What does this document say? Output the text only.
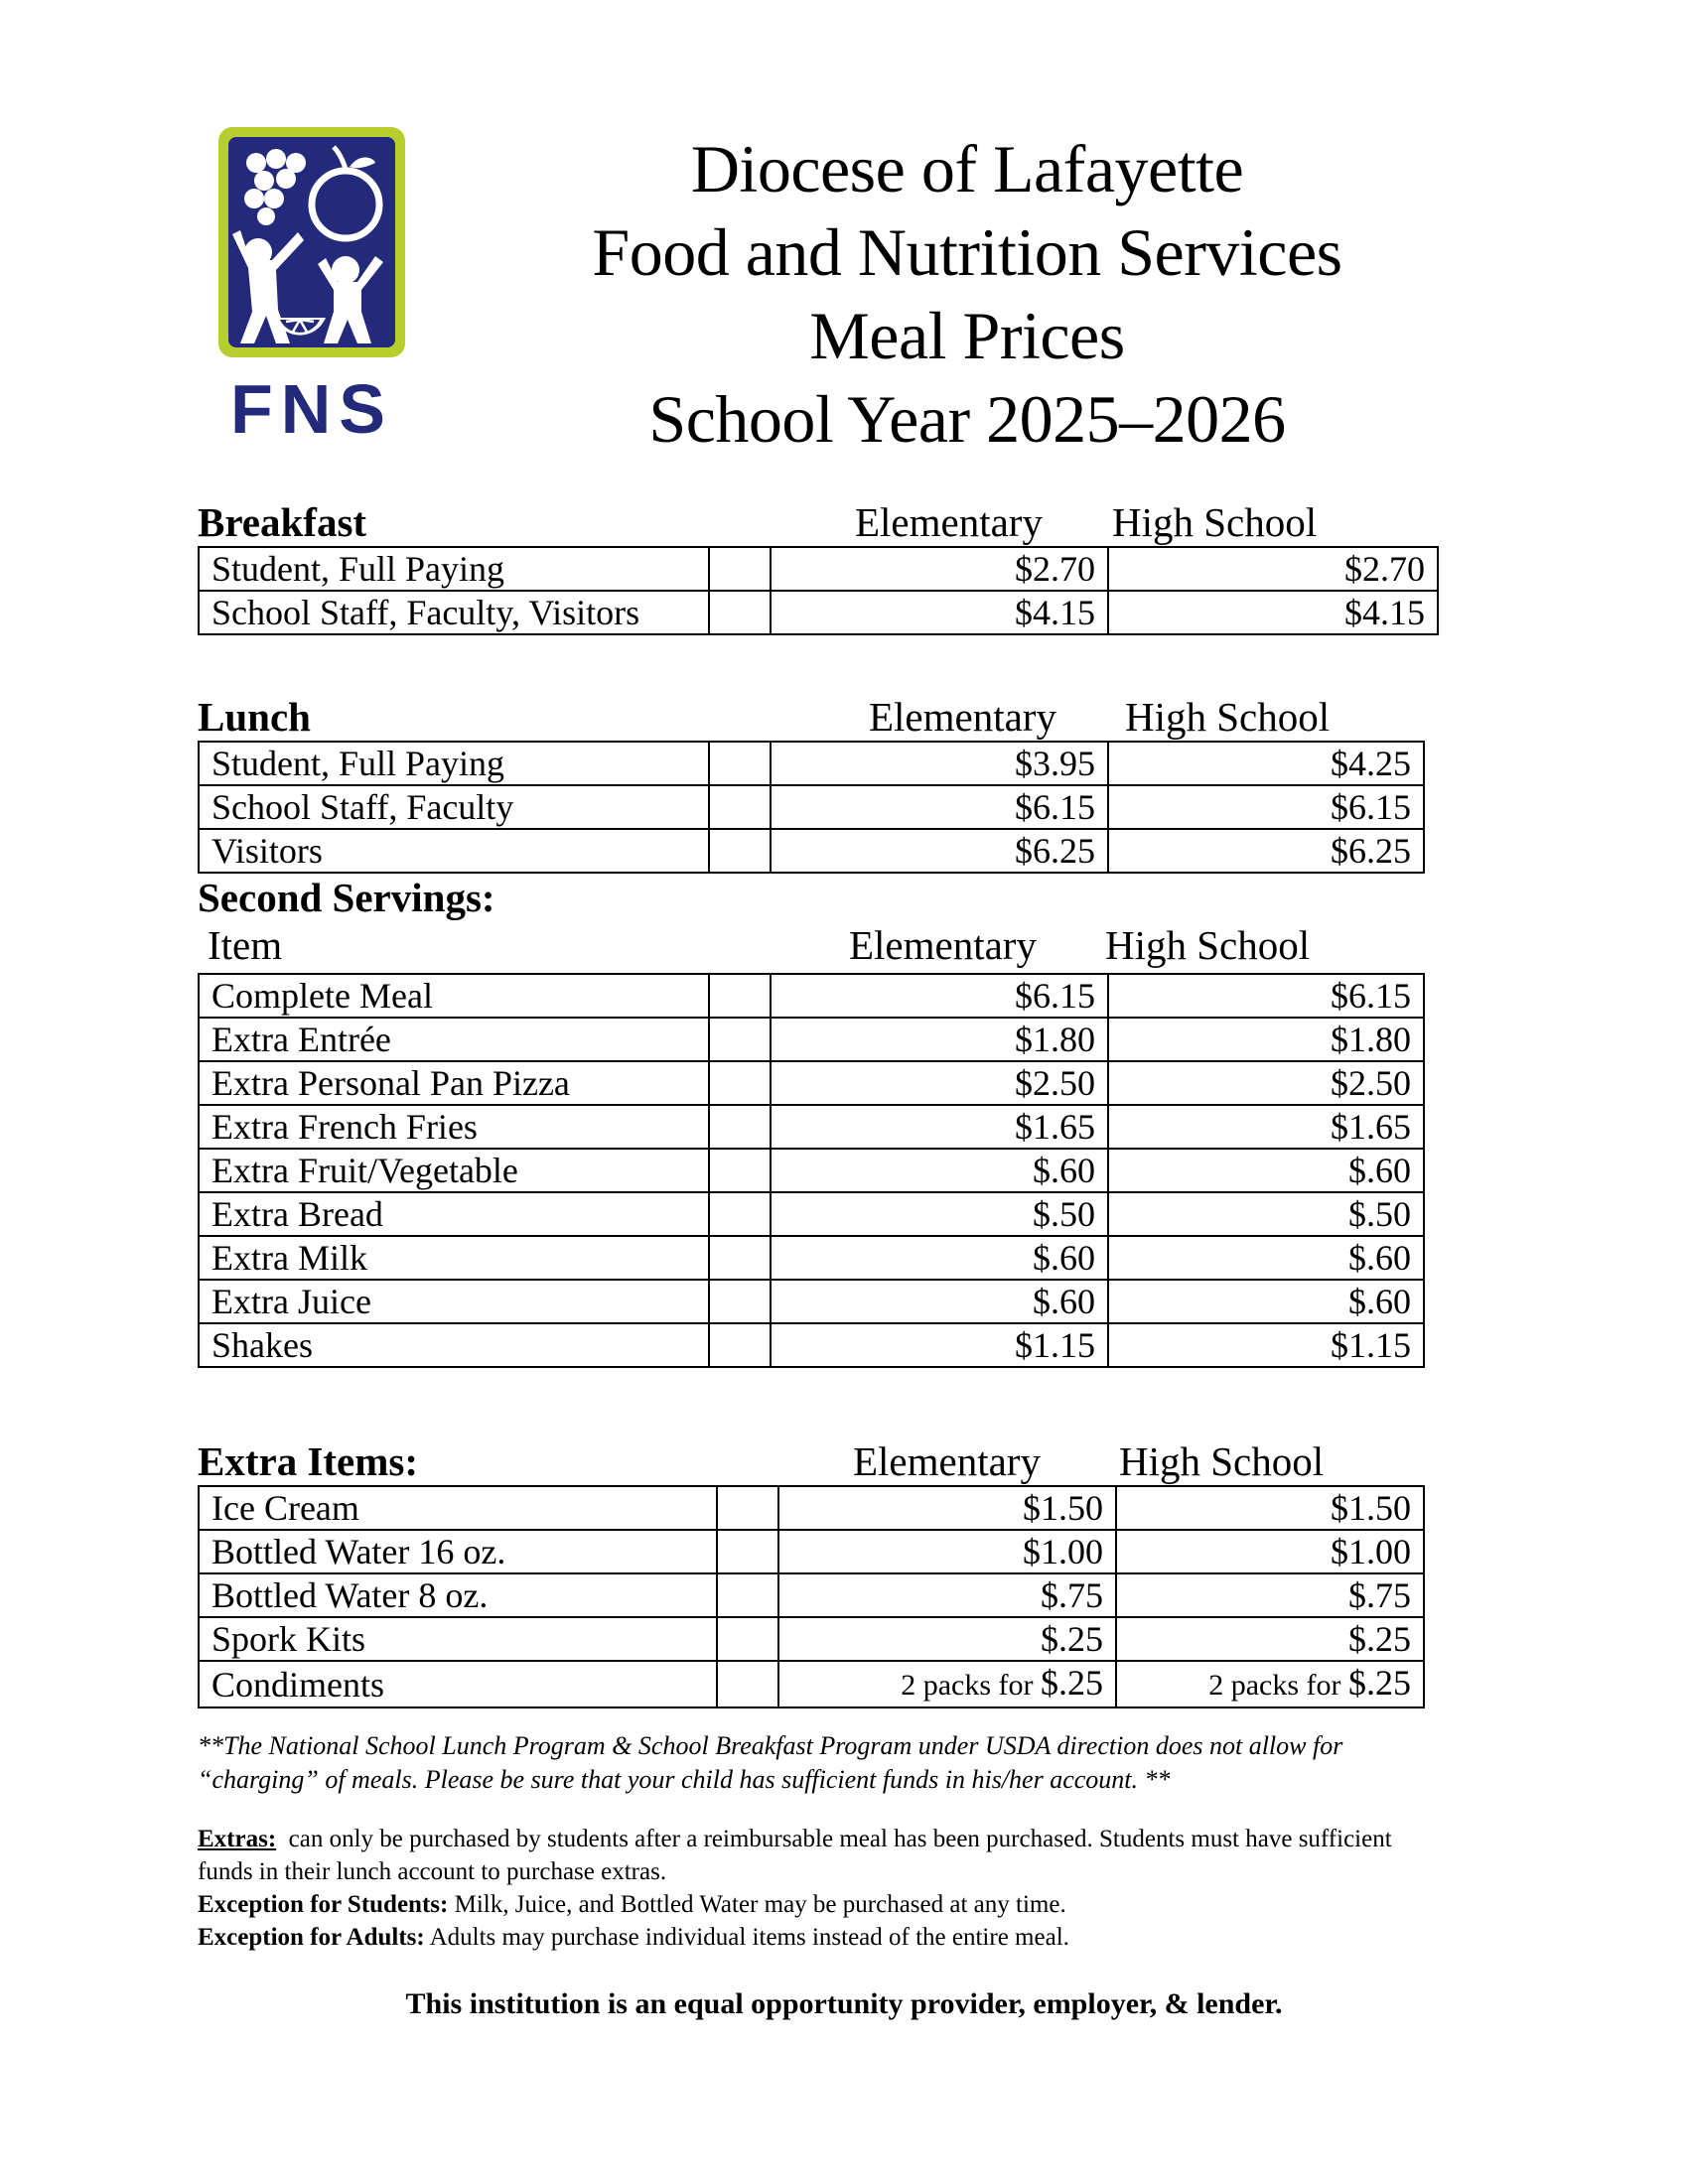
FNS
Diocese of Lafayette
Food and Nutrition Services
Meal Prices
School Year 2025–2026
Breakfast	Elementary High School
Student, Full Paying		$2.70	$2.70
School Staff, Faculty, Visitors		$4.15	$4.15
Lunch	Elementary High School
Student, Full Paying		$3.95	$4.25
School Staff, Faculty		$6.15	$6.15
Visitors		$6.25	$6.25
Second Servings:
Item	Elementary High School
Complete Meal		$6.15	$6.15
Extra Entrée		$1.80	$1.80
Extra Personal Pan Pizza		$2.50	$2.50
Extra French Fries		$1.65	$1.65
Extra Fruit/Vegetable		$.60	$.60
Extra Bread		$.50	$.50
Extra Milk		$.60	$.60
Extra Juice		$.60	$.60
Shakes		$1.15	$1.15
Extra Items:	Elementary High School
Ice Cream		$1.50	$1.50
Bottled Water 16 oz.		$1.00	$1.00
Bottled Water 8 oz.		$.75	$.75
Spork Kits		$.25	$.25
Condiments		2 packs for $.25	2 packs for $.25
**The National School Lunch Program & School Breakfast Program under USDA direction does not allow for “charging” of meals. Please be sure that your child has sufficient funds in his/her account. **
Extras: can only be purchased by students after a reimbursable meal has been purchased. Students must have sufficient funds in their lunch account to purchase extras.
Exception for Students: Milk, Juice, and Bottled Water may be purchased at any time.
Exception for Adults: Adults may purchase individual items instead of the entire meal.
This institution is an equal opportunity provider, employer, & lender.
